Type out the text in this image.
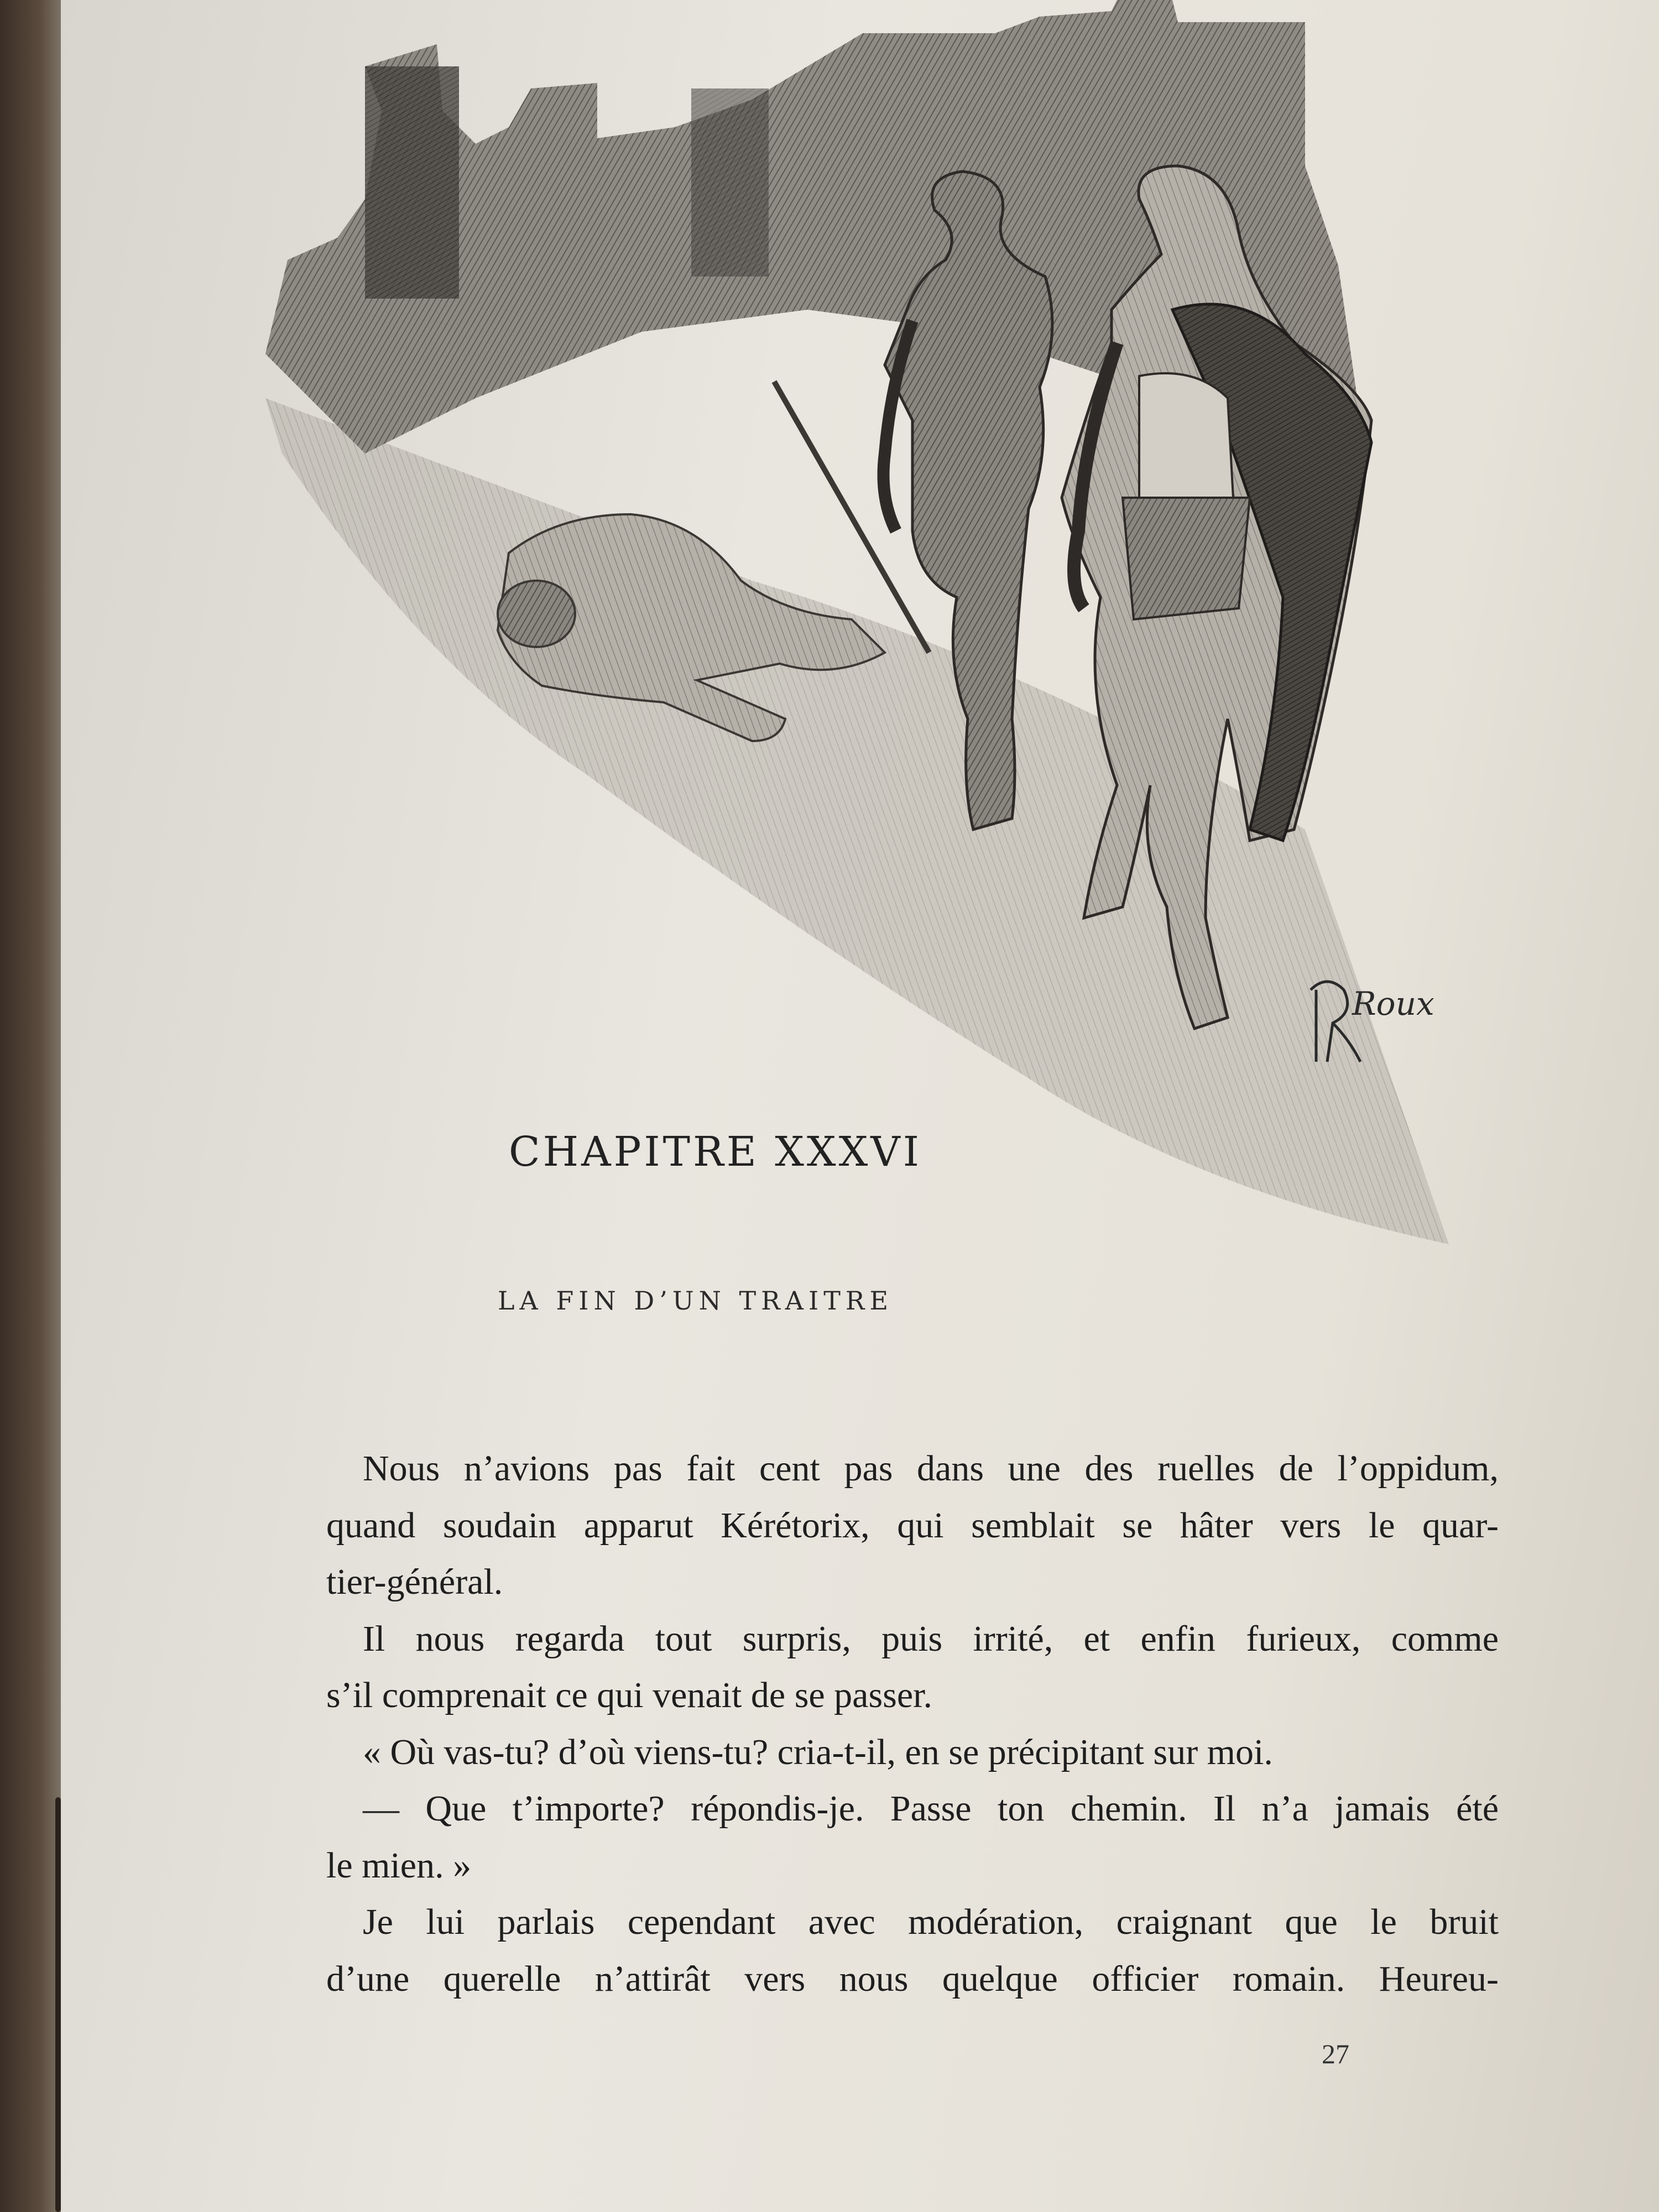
Roux
CHAPITRE XXXVI
LA FIN D’UN TRAITRE
Nous n’avions pas fait cent pas dans une des ruelles de l’oppidum,
quand soudain apparut Kérétorix, qui semblait se hâter vers le quar-
tier-général.
Il nous regarda tout surpris, puis irrité, et enfin furieux, comme
s’il comprenait ce qui venait de se passer.
« Où vas-tu? d’où viens-tu? cria-t-il, en se précipitant sur moi.
— Que t’importe? répondis-je. Passe ton chemin. Il n’a jamais été
le mien. »
Je lui parlais cependant avec modération, craignant que le bruit
d’une querelle n’attirât vers nous quelque officier romain. Heureu-
27
